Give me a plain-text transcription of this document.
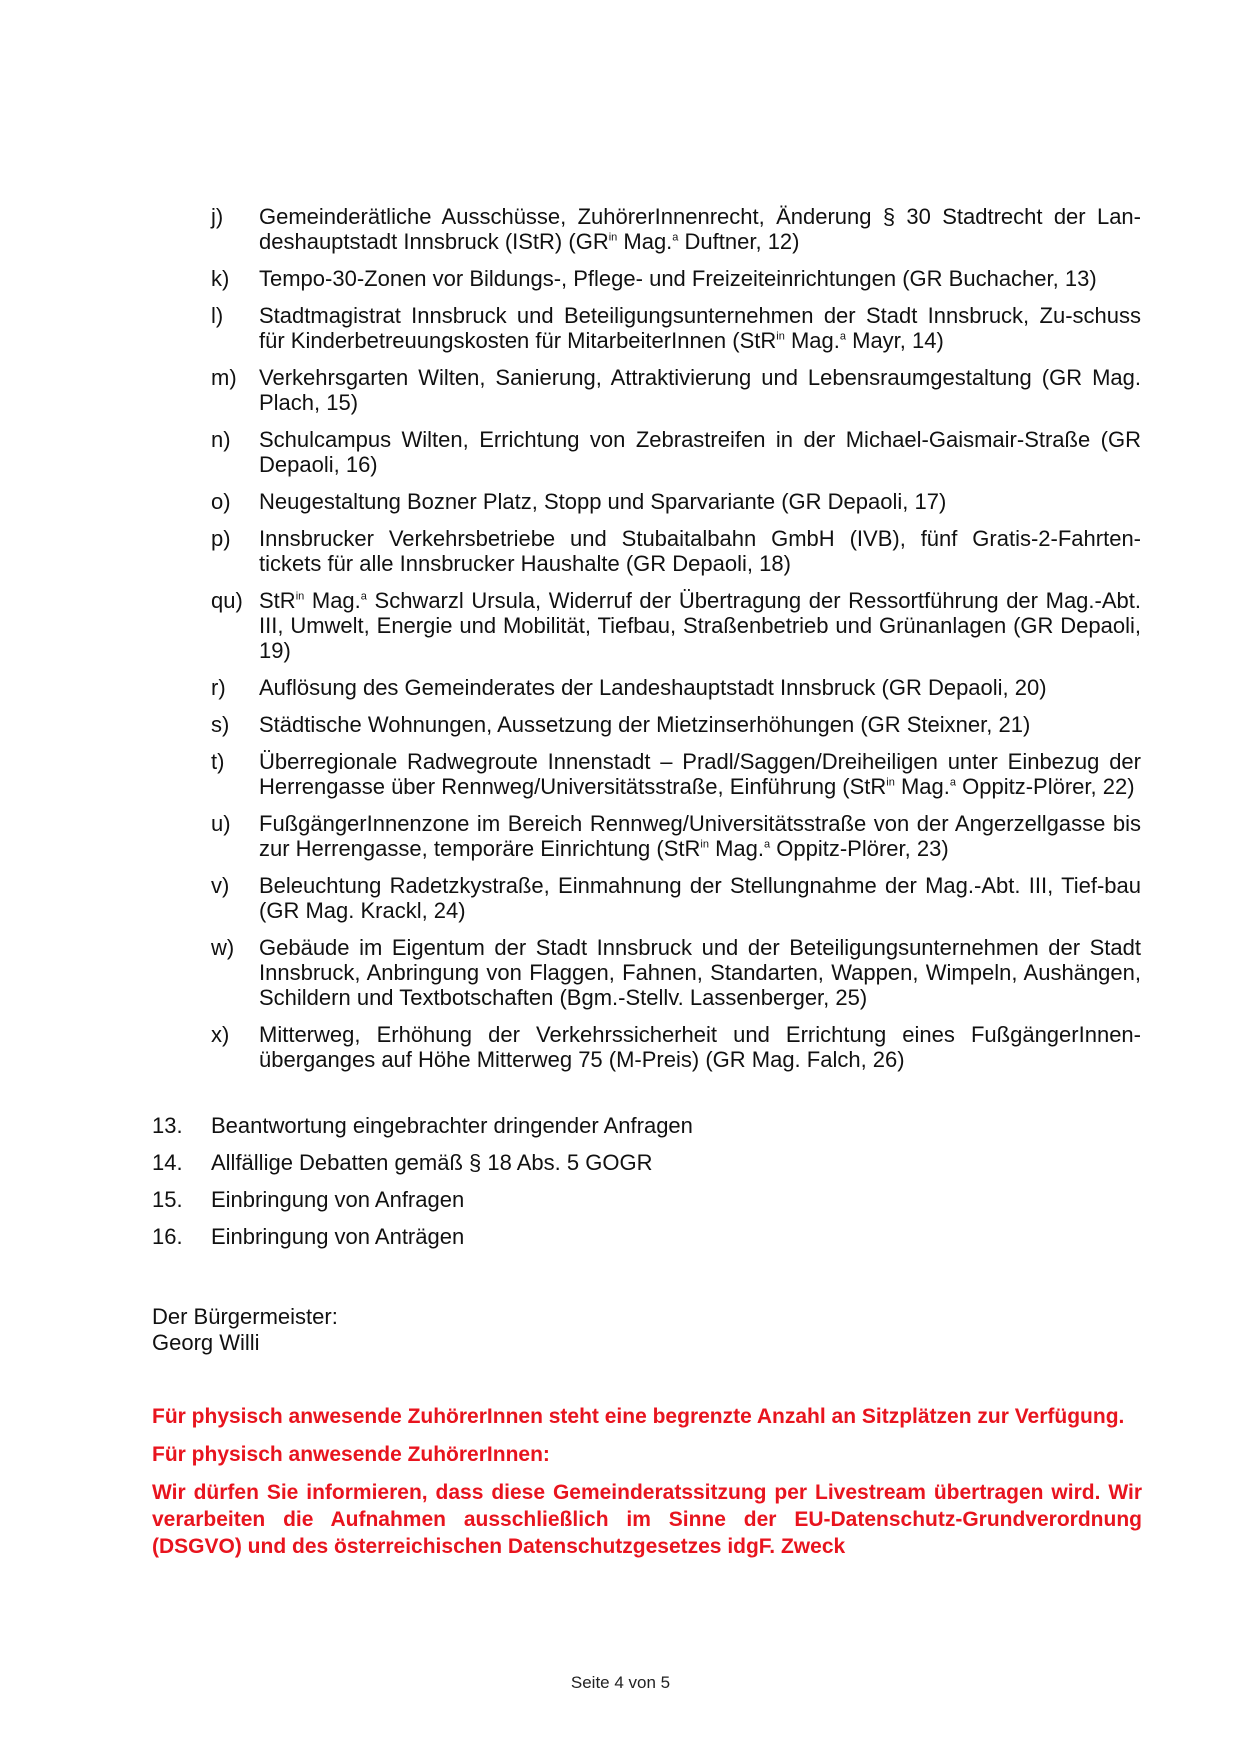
j)	Gemeinderätliche Ausschüsse, ZuhörerInnenrecht, Änderung § 30 Stadtrecht der Lan-deshauptstadt Innsbruck (IStR) ($GR^{in}$ Mag.$^a$ Duftner, 12)
k)	Tempo-30-Zonen vor Bildungs-, Pflege- und Freizeiteinrichtungen (GR Buchacher, 13)
l)	Stadtmagistrat Innsbruck und Beteiligungsunternehmen der Stadt Innsbruck, Zu-schuss für Kinderbetreuungskosten für MitarbeiterInnen (StR$^{in}$ Mag.$^a$ Mayr, 14)
m)	Verkehrsgarten Wilten, Sanierung, Attraktivierung und Lebensraumgestaltung (GR Mag. Plach, 15)
n)	Schulcampus Wilten, Errichtung von Zebrastreifen in der Michael-Gaismair-Straße (GR Depaoli, 16)
o)	Neugestaltung Bozner Platz, Stopp und Sparvariante (GR Depaoli, 17)
p)	Innsbrucker Verkehrsbetriebe und Stubaitalbahn GmbH (IVB), fünf Gratis-2-Fahrten-tickets für alle Innsbrucker Haushalte (GR Depaoli, 18)
qu) StR$^{in}$ Mag.$^a$ Schwarzl Ursula, Widerruf der Übertragung der Ressortführung der Mag.-Abt. III, Umwelt, Energie und Mobilität, Tiefbau, Straßenbetrieb und Grünanlagen (GR Depaoli, 19)
r)	Auflösung des Gemeinderates der Landeshauptstadt Innsbruck (GR Depaoli, 20)
s)	Städtische Wohnungen, Aussetzung der Mietzinserhöhungen (GR Steixner, 21)
t)	Überregionale Radwegroute Innenstadt – Pradl/Saggen/Dreiheiligen unter Einbezug der Herrengasse über Rennweg/Universitätsstraße, Einführung (StR$^{in}$ Mag.$^a$ Oppitz-Plörer, 22)
u)	FußgängerInnenzone im Bereich Rennweg/Universitätsstraße von der Angerzellgasse bis zur Herrengasse, temporäre Einrichtung (StR$^{in}$ Mag.$^a$ Oppitz-Plörer, 23)
v)	Beleuchtung Radetzkystraße, Einmahnung der Stellungnahme der Mag.-Abt. III, Tief-bau (GR Mag. Krackl, 24)
w)	Gebäude im Eigentum der Stadt Innsbruck und der Beteiligungsunternehmen der Stadt Innsbruck, Anbringung von Flaggen, Fahnen, Standarten, Wappen, Wimpeln, Aushängen, Schildern und Textbotschaften (Bgm.-Stellv. Lassenberger, 25)
x)	Mitterweg, Erhöhung der Verkehrssicherheit und Errichtung eines FußgängerInnen-überganges auf Höhe Mitterweg 75 (M-Preis) (GR Mag. Falch, 26)
13.	Beantwortung eingebrachter dringender Anfragen
14.	Allfällige Debatten gemäß § 18 Abs. 5 GOGR
15.	Einbringung von Anfragen
16.	Einbringung von Anträgen
Der Bürgermeister:
Georg Willi

Für physisch anwesende ZuhörerInnen steht eine begrenzte Anzahl an Sitzplätzen zur Verfügung.

Für physisch anwesende ZuhörerInnen:

Wir dürfen Sie informieren, dass diese Gemeinderatssitzung per Livestream übertragen wird. Wir verarbeiten die Aufnahmen ausschließlich im Sinne der EU-Datenschutz-Grundverordnung (DSGVO) und des österreichischen Datenschutzgesetzes idgF. Zweck

Seite 4 von 5
